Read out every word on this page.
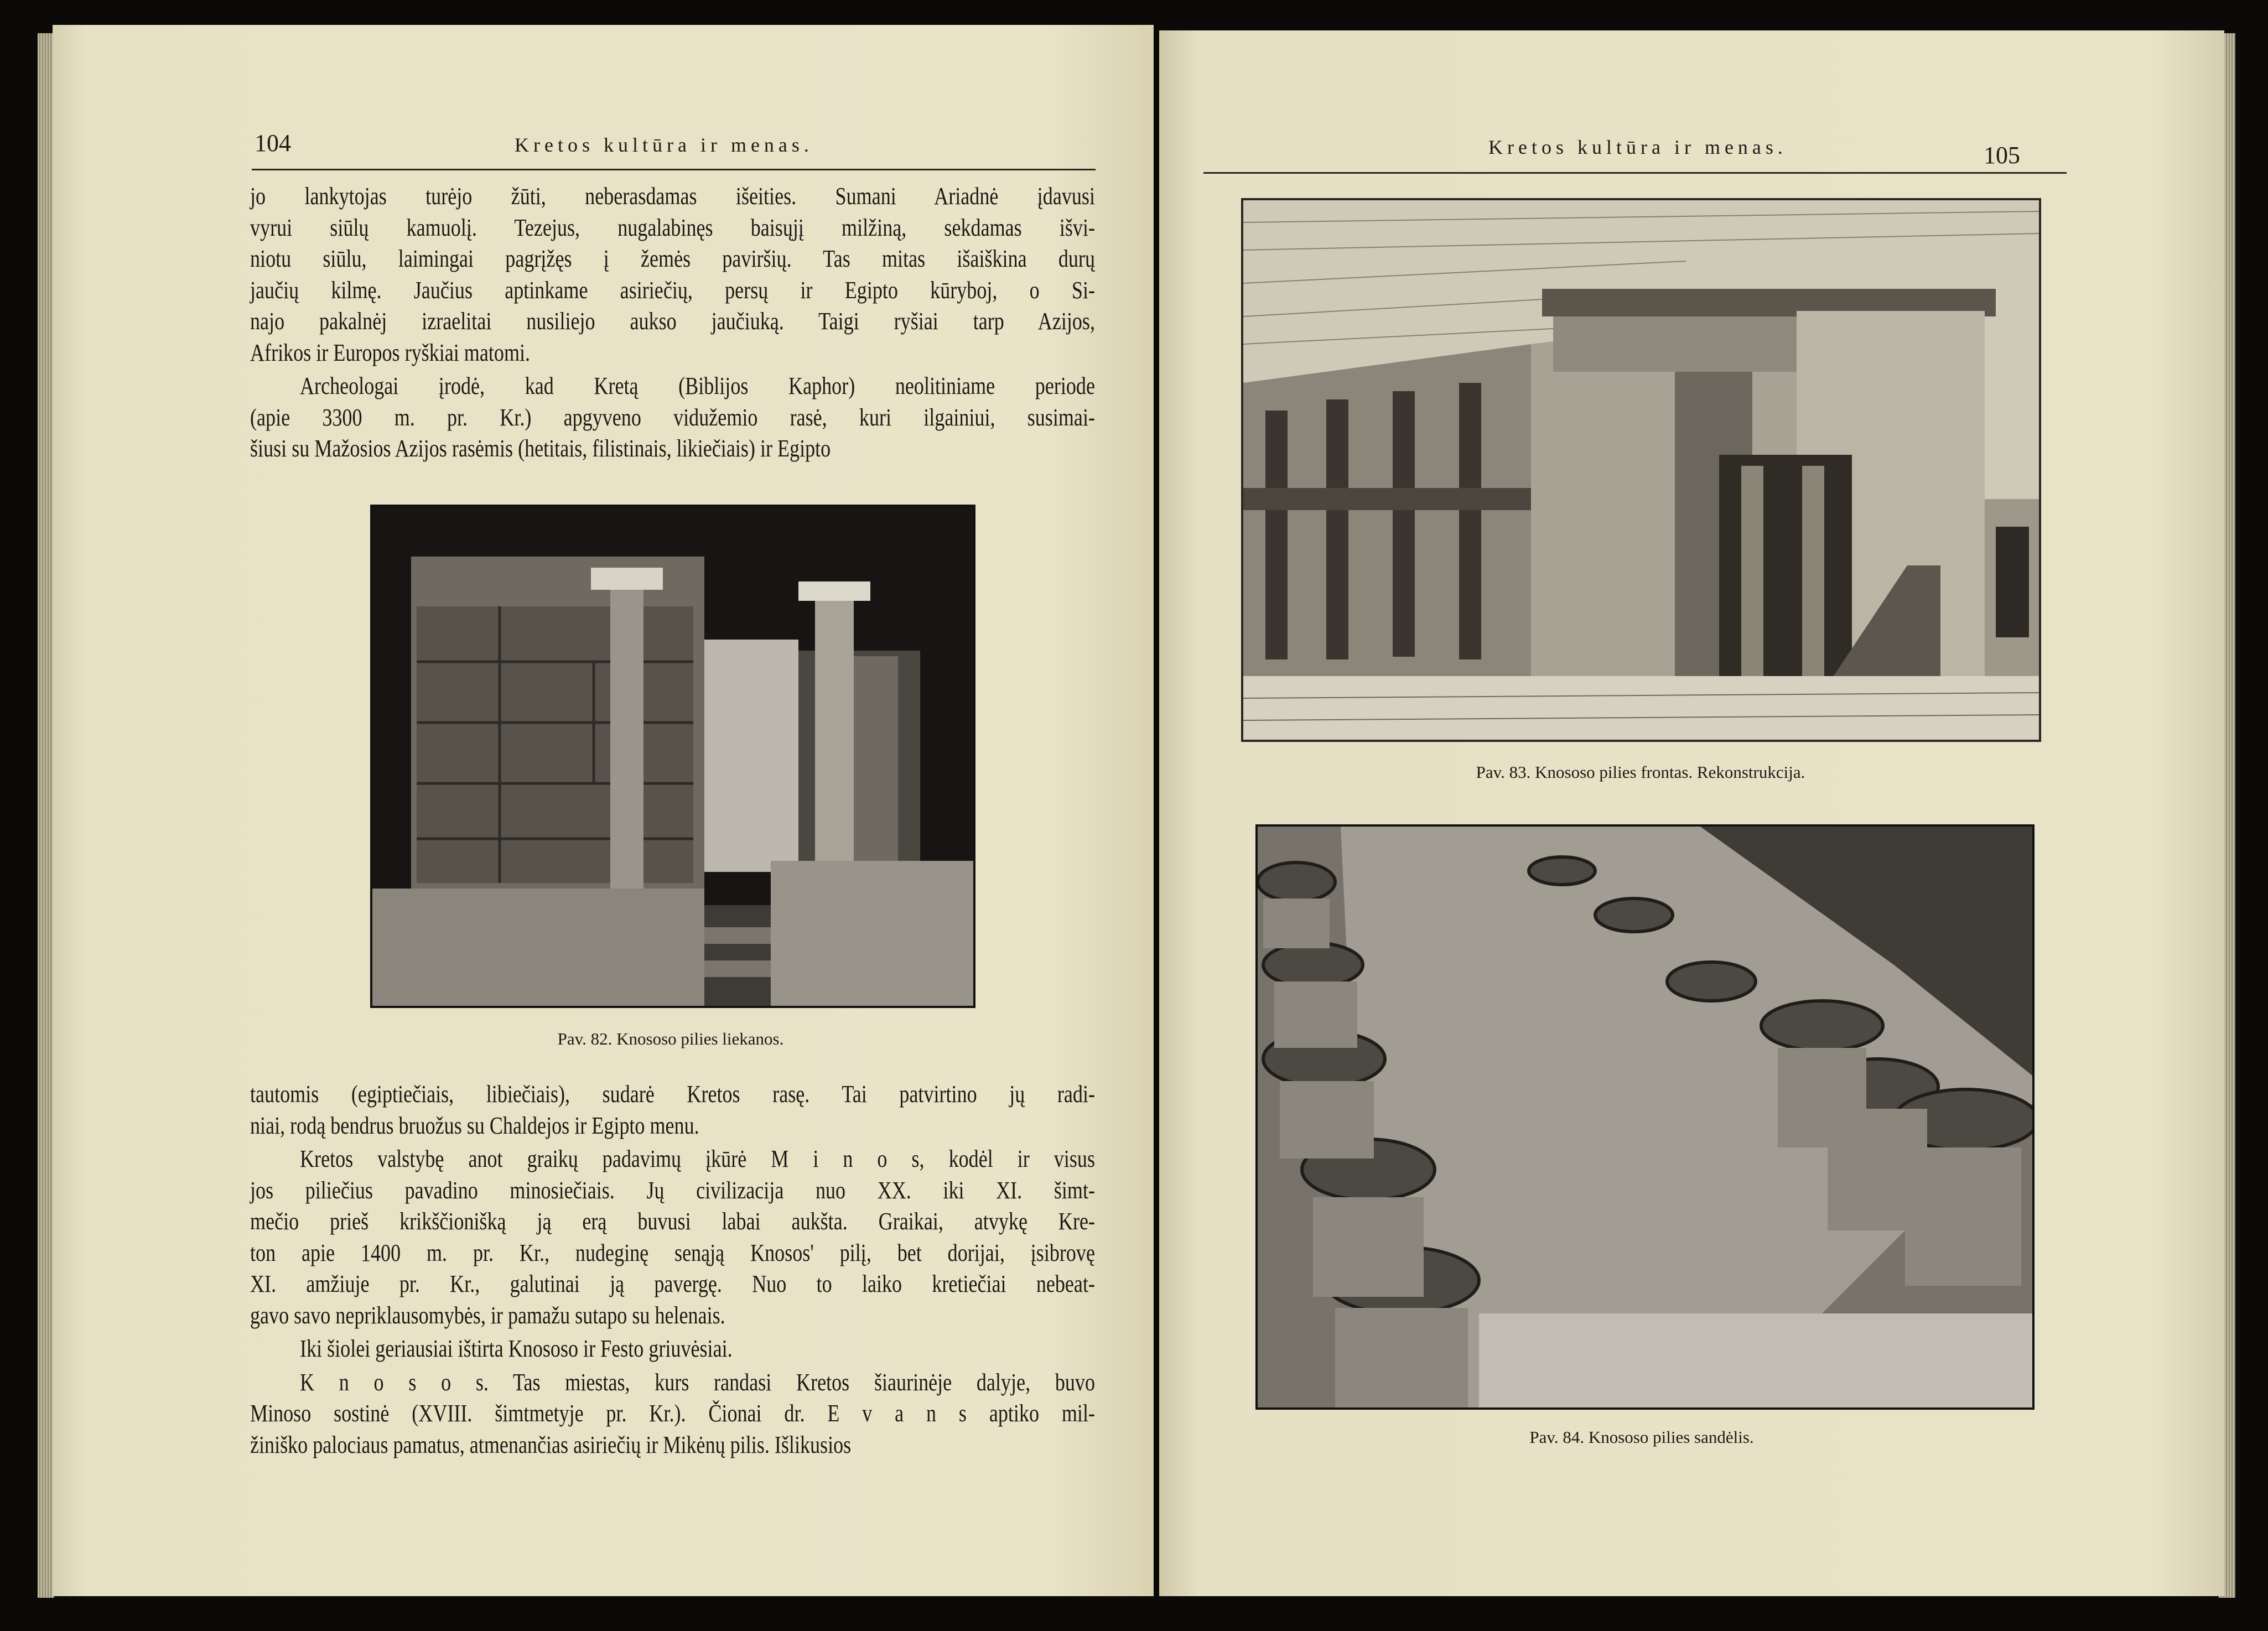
104	Kretos kultūra ir menas.
jo lankytojas turėjo žūti, neberasdamas išeities. Sumani Ariadnė įdavusi
vyrui siūlų kamuolį. Tezejus, nugalabinęs baisųjį milžiną, sekdamas išvi-
niotu siūlu, laimingai pagrįžęs į žemės paviršių. Tas mitas išaiškina durų
jaučių kilmę. Jaučius aptinkame asiriečių, persų ir Egipto kūryboj, o Si-
najo pakalnėj izraelitai nusiliejo aukso jaučiuką. Taigi ryšiai tarp Azijos,
Afrikos ir Europos ryškiai matomi.
Archeologai įrodė, kad Kretą (Biblijos Kaphor) neolitiniame periode
(apie 3300 m. pr. Kr.) apgyveno vidužemio rasė, kuri ilgainiui, susimai-
šiusi su Mažosios Azijos rasėmis (hetitais, filistinais, likiečiais) ir Egipto
Pav. 82. Knososo pilies liekanos.
tautomis (egiptiečiais, libiečiais), sudarė Kretos rasę. Tai patvirtino jų radi-
niai, rodą bendrus bruožus su Chaldejos ir Egipto menu.
Kretos valstybę anot graikų padavimų įkūrė M i n o s, kodėl ir visus
jos piliečius pavadino minosiečiais. Jų civilizacija nuo XX. iki XI. šimt-
mečio prieš krikščionišką ją erą buvusi labai aukšta. Graikai, atvykę Kre-
ton apie 1400 m. pr. Kr., nudeginę senąją Knosos' pilį, bet dorijai, įsibrovę
XI. amžiuje pr. Kr., galutinai ją pavergę. Nuo to laiko kretiečiai nebeat-
gavo savo nepriklausomybės, ir pamažu sutapo su helenais.
Iki šiolei geriausiai ištirta Knososo ir Festo griuvėsiai.
K n o s o s. Tas miestas, kurs randasi Kretos šiaurinėje dalyje, buvo
Minoso sostinė (XVIII. šimtmetyje pr. Kr.). Čionai dr. E v a n s aptiko mil-
žiniško palociaus pamatus, atmenančias asiriečių ir Mikėnų pilis. Išlikusios
Kretos kultūra ir menas.	105
Pav. 83. Knososo pilies frontas. Rekonstrukcija.
Pav. 84. Knososo pilies sandėlis.
